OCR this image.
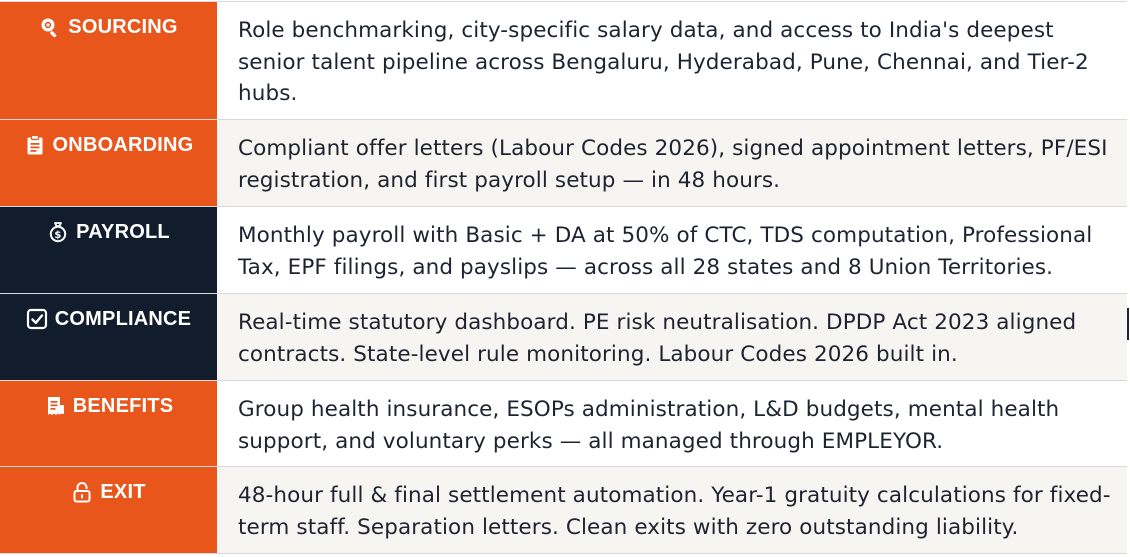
SOURCING	Role benchmarking, city-specific salary data, and access to India's deepest senior talent pipeline across Bengaluru, Hyderabad, Pune, Chennai, and Tier-2 hubs.
ONBOARDING	Compliant offer letters (Labour Codes 2026), signed appointment letters, PF/ESI registration, and first payroll setup — in 48 hours.
$ PAYROLL	Monthly payroll with Basic + DA at 50% of CTC, TDS computation, Professional Tax, EPF filings, and payslips — across all 28 states and 8 Union Territories.
COMPLIANCE	Real-time statutory dashboard. PE risk neutralisation. DPDP Act 2023 aligned contracts. State-level rule monitoring. Labour Codes 2026 built in.
BENEFITS	Group health insurance, ESOPs administration, L&D budgets, mental health support, and voluntary perks — all managed through EMPLEYOR.
EXIT	48-hour full & final settlement automation. Year-1 gratuity calculations for fixed-term staff. Separation letters. Clean exits with zero outstanding liability.
